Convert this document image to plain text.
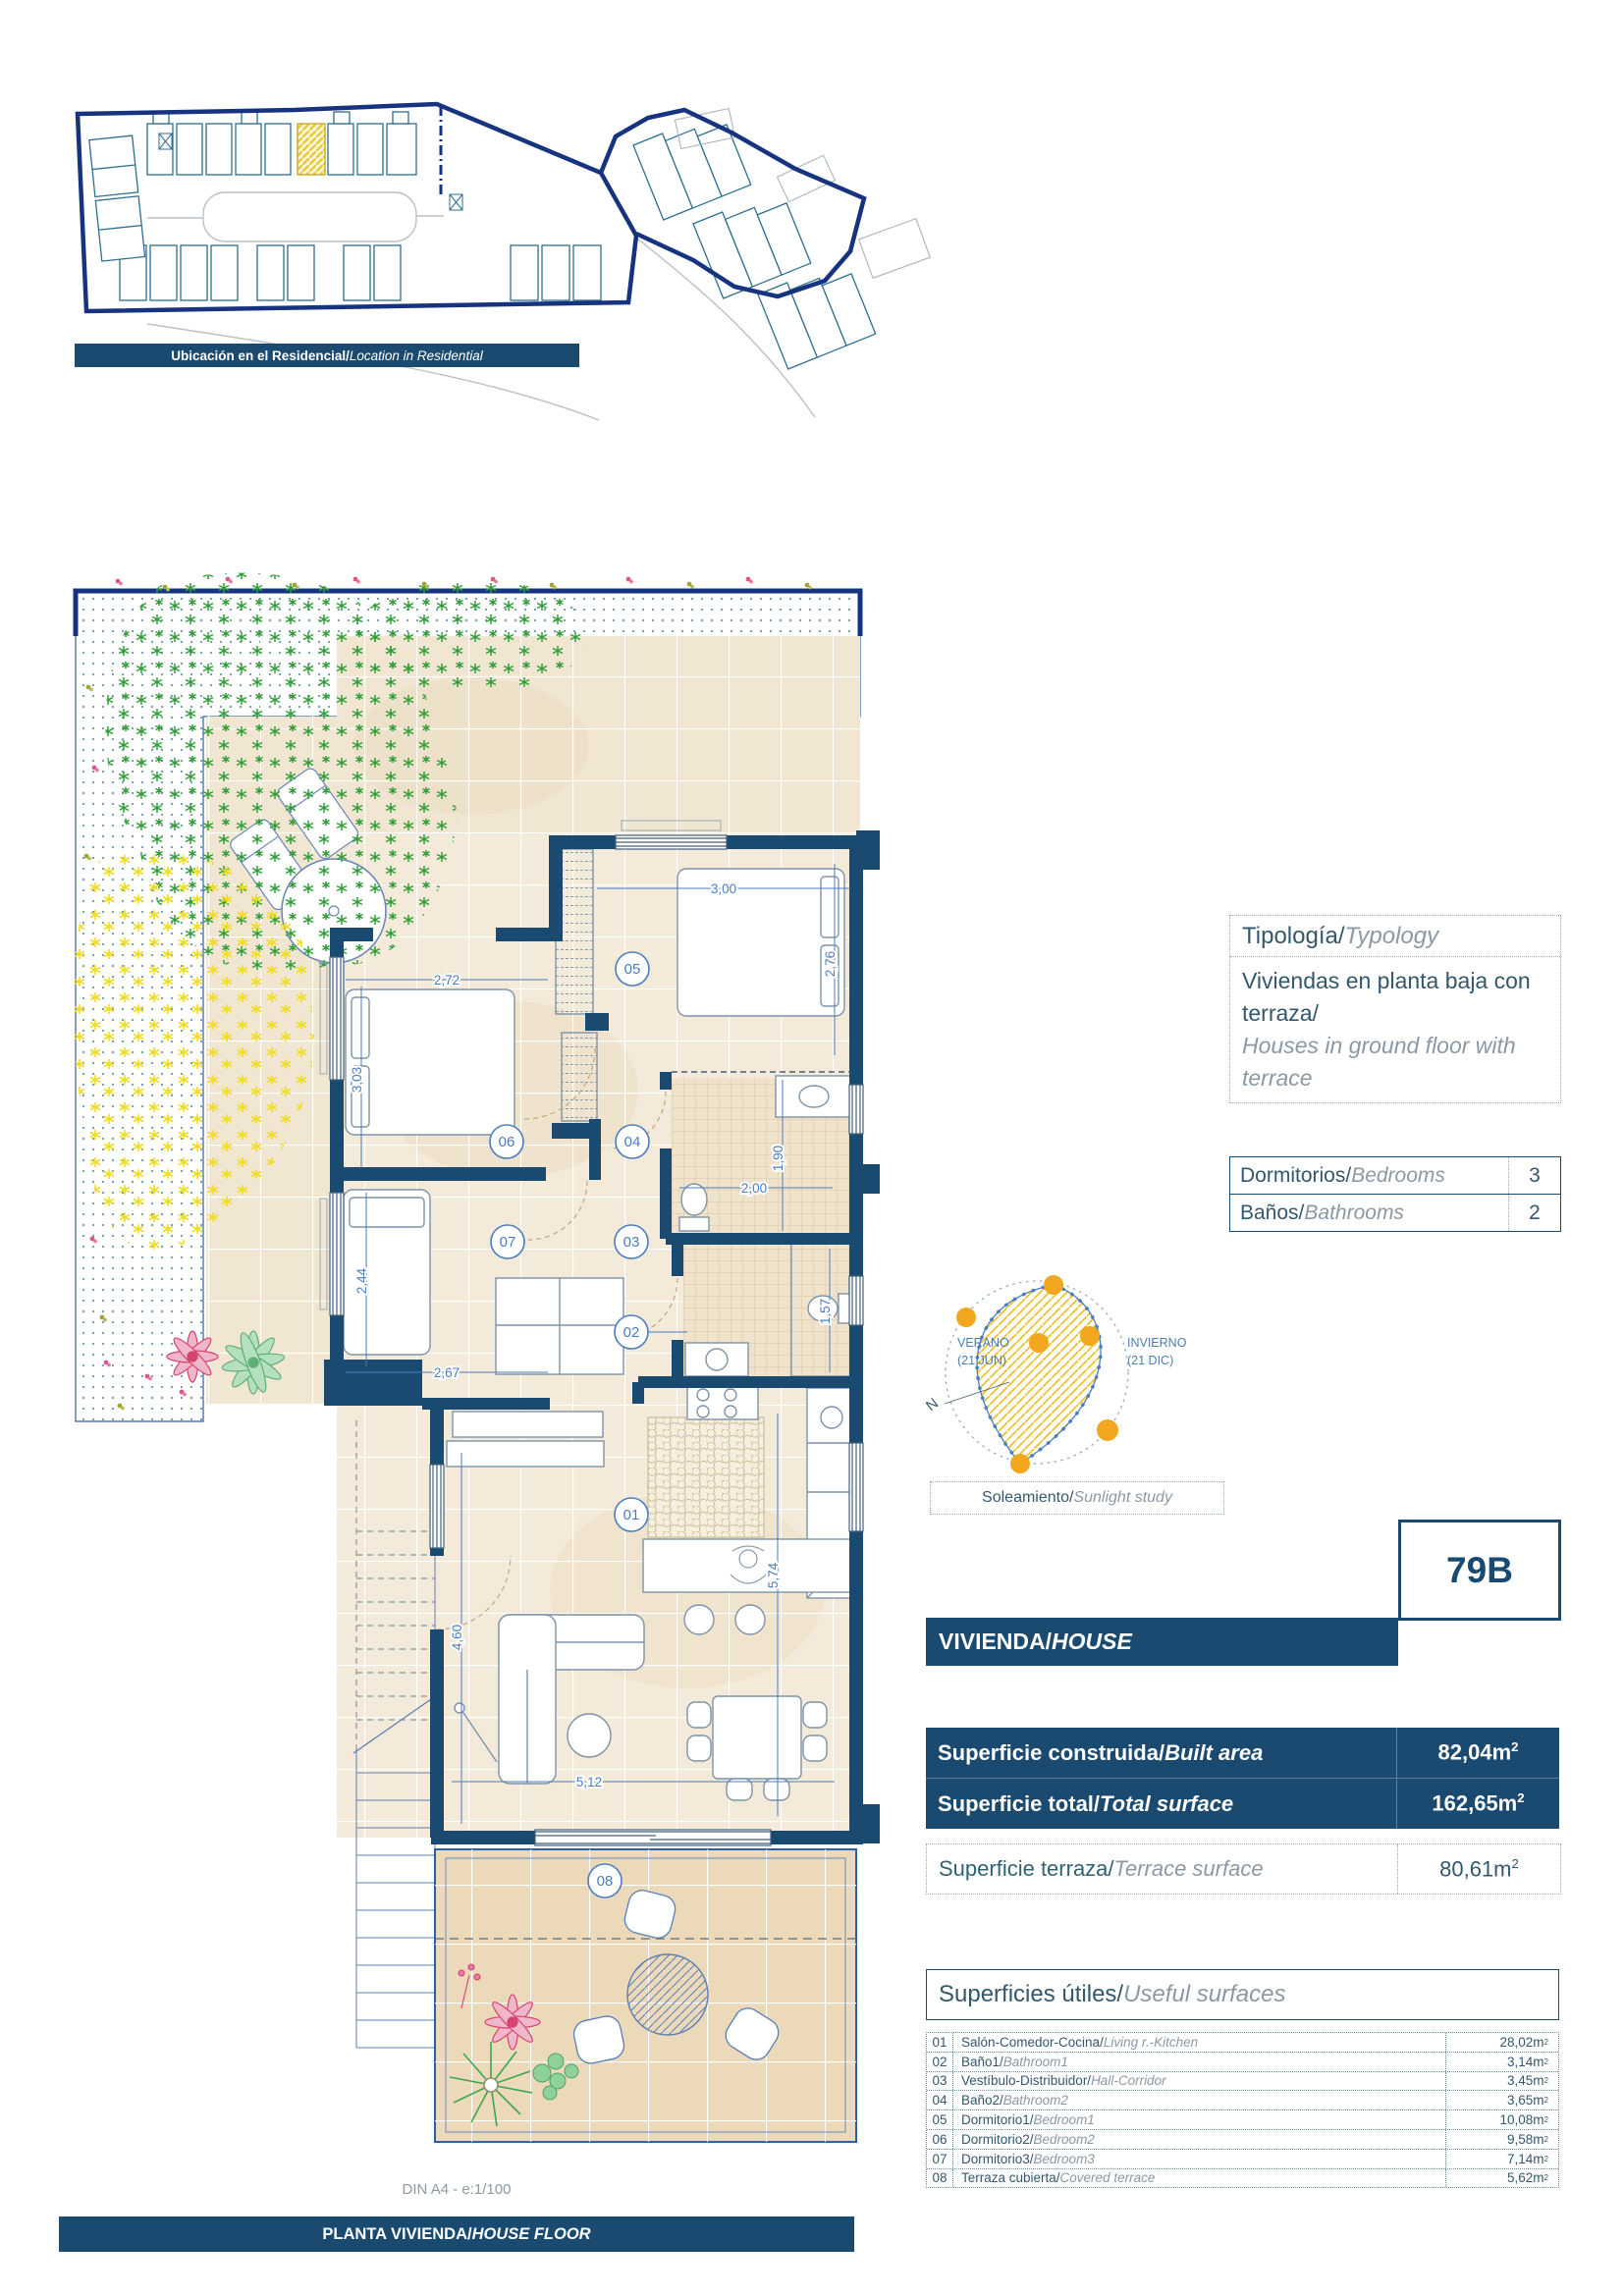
Ubicación en el Residencial/ Location in Residential
3,00
2,76
2,72
3,03
2,44
2,67
1,90
2,00
1,57
5,74
4,60
5,12
05
06	04
07	03
02
01
08
Tipología/Typology
Viviendas en planta baja con terraza/
Houses in ground floor with terrace
Dormitorios/Bedrooms	3
Baños/Bathrooms	2
N
VERANO
(21 JUN)
INVIERNO
(21 DIC)
Soleamiento/ Sunlight study
79B
VIVIENDA/ HOUSE
Superficie construida/ Built area	$82,04m^2$
Superficie total/ Total surface	$162,65m^2$
Superficie terraza/ Terrace surface	$80,61m^2$
Superficies útiles/ Useful surfaces
01	Salón-Comedor-Cocina/Living r.-Kitchen	28,02m 2
02	Baño1/Bathroom1	3,14m 2
03	Vestíbulo-Distribuidor/Hall-Corridor	3,45m 2
04	Baño2/Bathroom2	3,65m 2
05	Dormitorio1/Bedroom1	10,08m 2
06	Dormitorio2/Bedroom2	9,58m 2
07	Dormitorio3/Bedroom3	7,14m 2
08	Terraza cubierta/Covered terrace	5,62m 2
DIN A4 - e:1/100
PLANTA VIVIENDA/ HOUSE FLOOR
